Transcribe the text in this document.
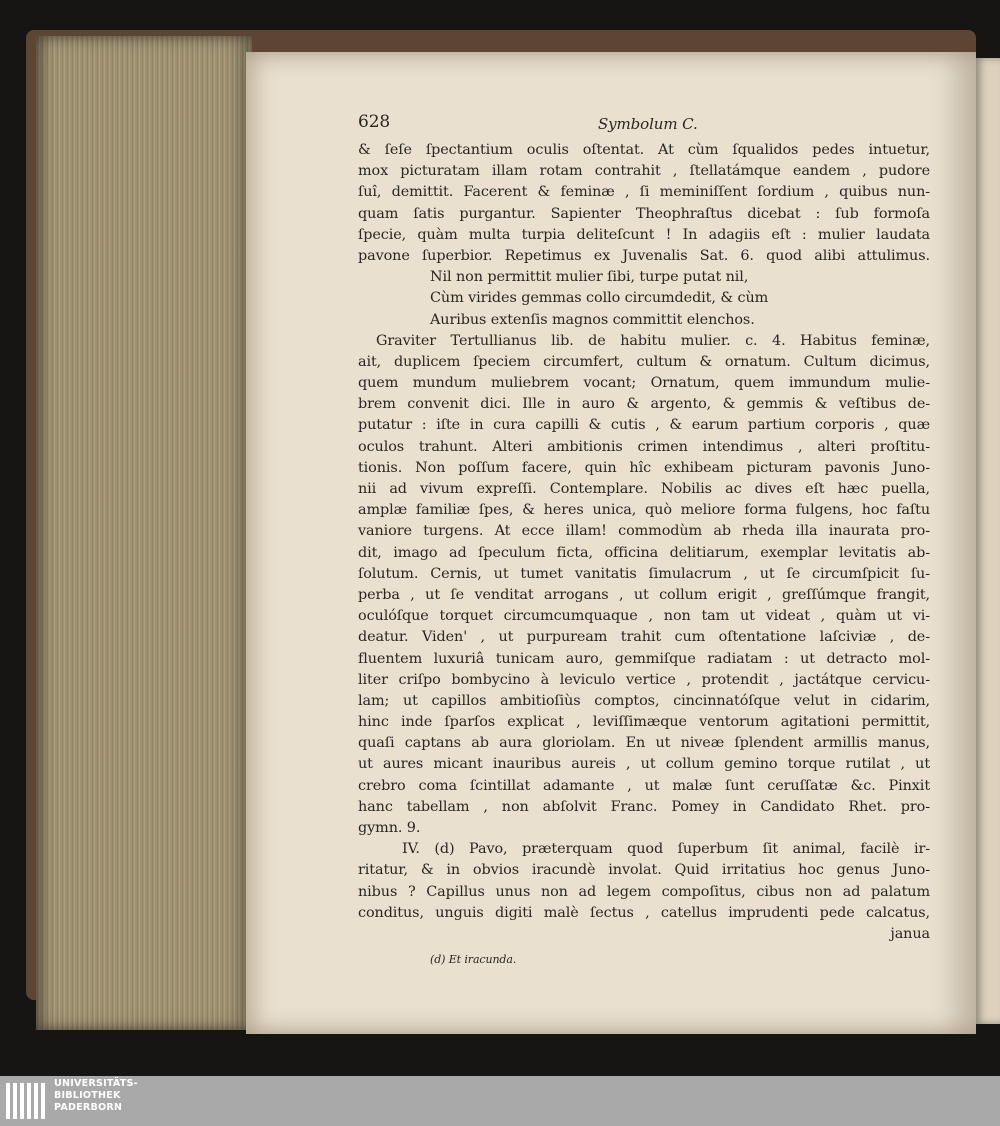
628	Symbolum C.
& ſeſe ſpectantium oculis oſtentat. At cùm ſqualidos pedes intuetur,
mox picturatam illam rotam contrahit , ſtellatámque eandem , pudore
ſuî, demittit. Facerent & feminæ , ſi meminiſſent ſordium , quibus nun-
quam ſatis purgantur. Sapienter Theophraſtus dicebat : ſub formoſa
ſpecie, quàm multa turpia deliteſcunt ! In adagiis eſt : mulier laudata
pavone ſuperbior. Repetimus ex Juvenalis Sat. 6. quod alibi attulimus.
Nil non permittit mulier ſibi, turpe putat nil,
Cùm virides gemmas collo circumdedit, & cùm
Auribus extenſis magnos committit elenchos.
Graviter Tertullianus lib. de habitu mulier. c. 4. Habitus feminæ,
ait, duplicem ſpeciem circumfert, cultum & ornatum. Cultum dicimus,
quem mundum muliebrem vocant; Ornatum, quem immundum mulie-
brem convenit dici. Ille in auro & argento, & gemmis & veſtibus de-
putatur : iſte in cura capilli & cutis , & earum partium corporis , quæ
oculos trahunt. Alteri ambitionis crimen intendimus , alteri proſtitu-
tionis. Non poſſum facere, quin hîc exhibeam picturam pavonis Juno-
nii ad vivum expreſſi. Contemplare. Nobilis ac dives eſt hæc puella,
amplæ familiæ ſpes, & heres unica, quò meliore forma fulgens, hoc faſtu
vaniore turgens. At ecce illam! commodùm ab rheda illa inaurata pro-
dit, imago ad ſpeculum ficta, officina delitiarum, exemplar levitatis ab-
ſolutum. Cernis, ut tumet vanitatis ſimulacrum , ut ſe circumſpicit ſu-
perba , ut ſe venditat arrogans , ut collum erigit , greſſúmque frangit,
oculóſque torquet circumcumquaque , non tam ut videat , quàm ut vi-
deatur. Viden' , ut purpuream trahit cum oſtentatione laſciviæ , de-
fluentem luxuriâ tunicam auro, gemmiſque radiatam : ut detracto mol-
liter criſpo bombycino à leviculo vertice , protendit , jactátque cervicu-
lam; ut capillos ambitioſiùs comptos, cincinnatóſque velut in cidarim,
hinc inde ſparſos explicat , leviſſimæque ventorum agitationi permittit,
quaſi captans ab aura gloriolam. En ut niveæ ſplendent armillis manus,
ut aures micant inauribus aureis , ut collum gemino torque rutilat , ut
crebro coma ſcintillat adamante , ut malæ ſunt ceruſſatæ &c. Pinxit
hanc tabellam , non abſolvit Franc. Pomey in Candidato Rhet. pro-
gymn. 9.
IV. (d) Pavo, præterquam quod ſuperbum ſit animal, facilè ir-
ritatur, & in obvios iracundè involat. Quid irritatius hoc genus Juno-
nibus ? Capillus unus non ad legem compoſitus, cibus non ad palatum
conditus, unguis digiti malè ſectus , catellus imprudenti pede calcatus,
janua
(d) Et iracunda.
UNIVERSITÄTS-
BIBLIOTHEK
PADERBORN
